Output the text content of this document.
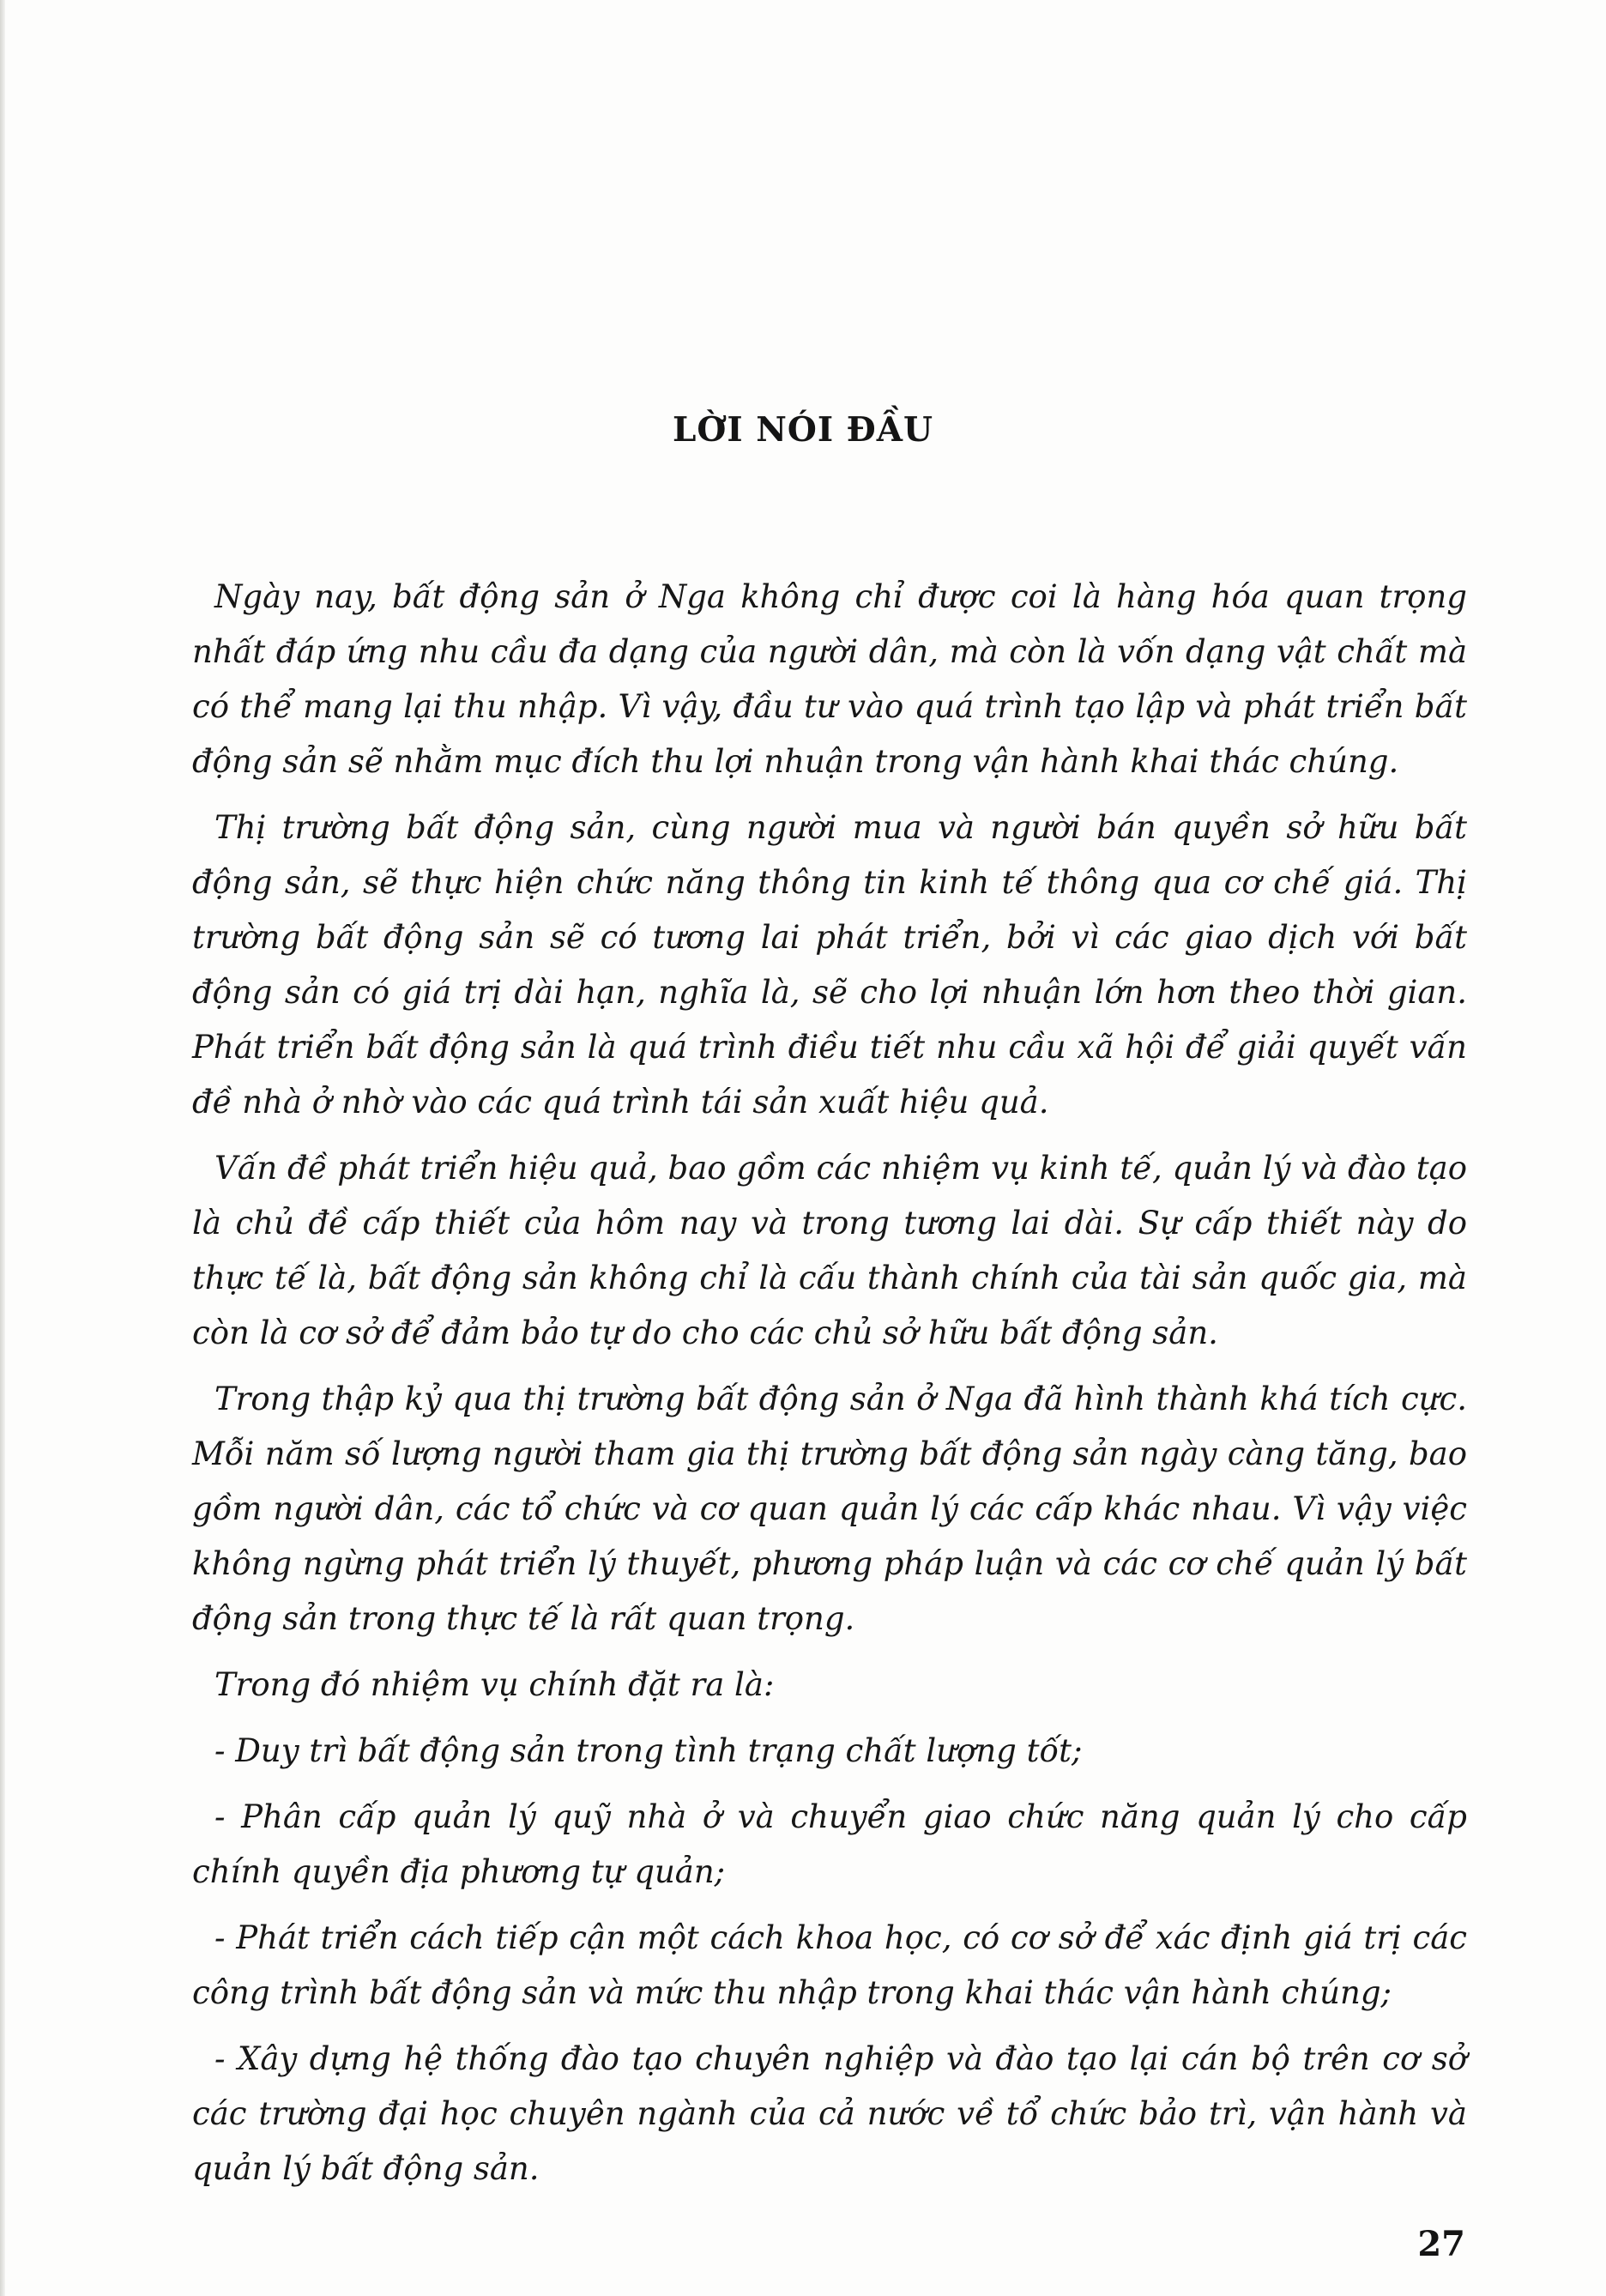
LỜI NÓI ĐẦU

Ngày nay, bất động sản ở Nga không chỉ được coi là hàng hóa quan trọng nhất đáp ứng nhu cầu đa dạng của người dân, mà còn là vốn dạng vật chất mà có thể mang lại thu nhập. Vì vậy, đầu tư vào quá trình tạo lập và phát triển bất động sản sẽ nhằm mục đích thu lợi nhuận trong vận hành khai thác chúng.

Thị trường bất động sản, cùng người mua và người bán quyền sở hữu bất động sản, sẽ thực hiện chức năng thông tin kinh tế thông qua cơ chế giá. Thị trường bất động sản sẽ có tương lai phát triển, bởi vì các giao dịch với bất động sản có giá trị dài hạn, nghĩa là, sẽ cho lợi nhuận lớn hơn theo thời gian. Phát triển bất động sản là quá trình điều tiết nhu cầu xã hội để giải quyết vấn đề nhà ở nhờ vào các quá trình tái sản xuất hiệu quả.

Vấn đề phát triển hiệu quả, bao gồm các nhiệm vụ kinh tế, quản lý và đào tạo là chủ đề cấp thiết của hôm nay và trong tương lai dài. Sự cấp thiết này do thực tế là, bất động sản không chỉ là cấu thành chính của tài sản quốc gia, mà còn là cơ sở để đảm bảo tự do cho các chủ sở hữu bất động sản.

Trong thập kỷ qua thị trường bất động sản ở Nga đã hình thành khá tích cực. Mỗi năm số lượng người tham gia thị trường bất động sản ngày càng tăng, bao gồm người dân, các tổ chức và cơ quan quản lý các cấp khác nhau. Vì vậy việc không ngừng phát triển lý thuyết, phương pháp luận và các cơ chế quản lý bất động sản trong thực tế là rất quan trọng.

Trong đó nhiệm vụ chính đặt ra là:

- Duy trì bất động sản trong tình trạng chất lượng tốt;

- Phân cấp quản lý quỹ nhà ở và chuyển giao chức năng quản lý cho cấp chính quyền địa phương tự quản;

- Phát triển cách tiếp cận một cách khoa học, có cơ sở để xác định giá trị các công trình bất động sản và mức thu nhập trong khai thác vận hành chúng;

- Xây dựng hệ thống đào tạo chuyên nghiệp và đào tạo lại cán bộ trên cơ sở các trường đại học chuyên ngành của cả nước về tổ chức bảo trì, vận hành và quản lý bất động sản.

27
